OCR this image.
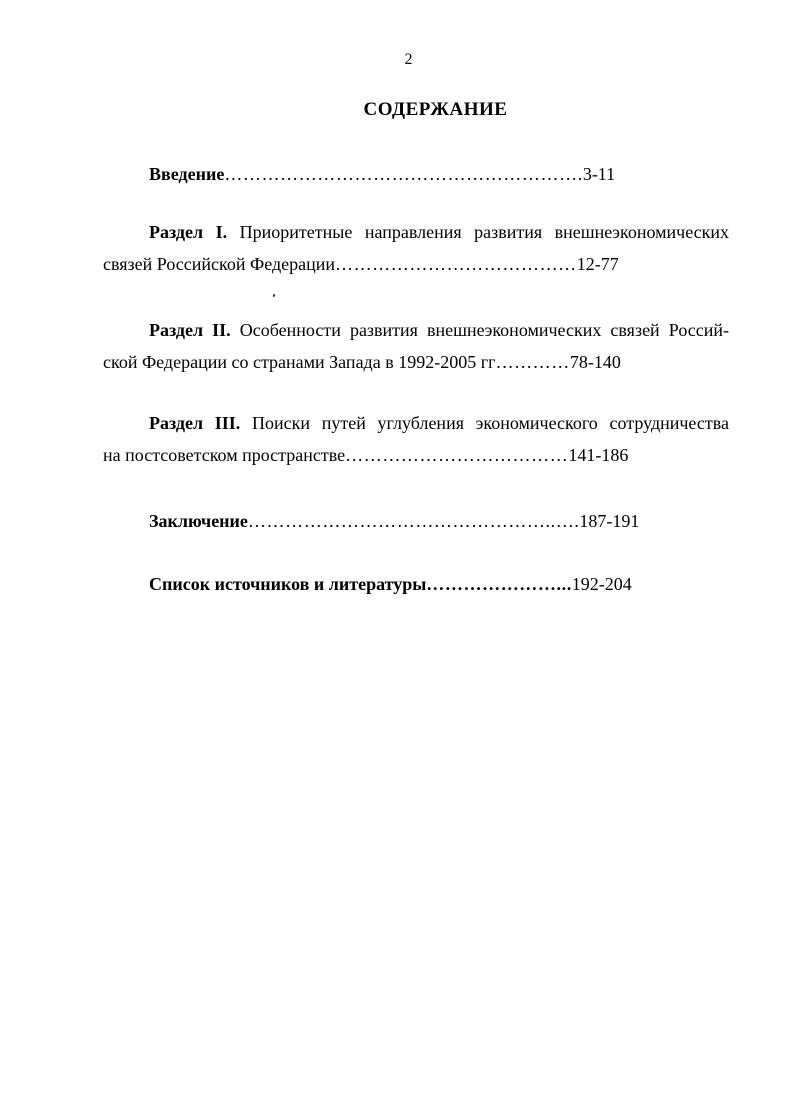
2
СОДЕРЖАНИЕ
Введение………………………………………………….3-11
Раздел I. Приоритетные направления развития внешнеэкономических
связей Российской Федерации…………………………………12-77
Раздел II. Особенности развития внешнеэкономических связей Россий-
ской Федерации со странами Запада в 1992-2005 гг…………78-140
Раздел III. Поиски путей углубления экономического сотрудничества
на постсоветском пространстве………………………………141-186
Заключение…………………………………………..….187-191
Список источников и литературы…………………...192-204
